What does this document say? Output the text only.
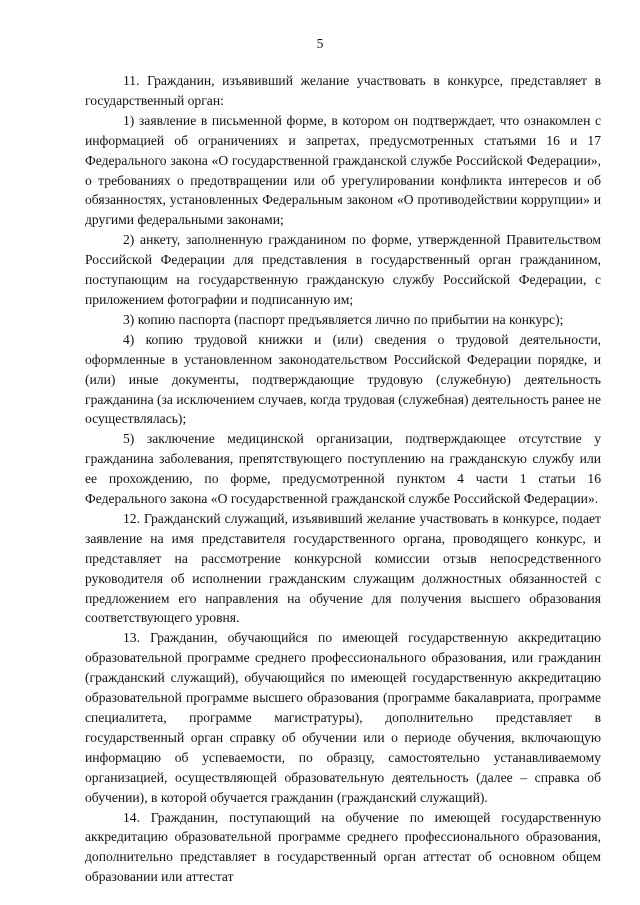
5

11. Гражданин, изъявивший желание участвовать в конкурсе, представляет в государственный орган:

1) заявление в письменной форме, в котором он подтверждает, что ознакомлен с информацией об ограничениях и запретах, предусмотренных статьями 16 и 17 Федерального закона «О государственной гражданской службе Российской Федерации», о требованиях о предотвращении или об урегулировании конфликта интересов и об обязанностях, установленных Федеральным законом «О противодействии коррупции» и другими федеральными законами;

2) анкету, заполненную гражданином по форме, утвержденной Правительством Российской Федерации для представления в государственный орган гражданином, поступающим на государственную гражданскую службу Российской Федерации, с приложением фотографии и подписанную им;

3) копию паспорта (паспорт предъявляется лично по прибытии на конкурс);

4) копию трудовой книжки и (или) сведения о трудовой деятельности, оформленные в установленном законодательством Российской Федерации порядке, и (или) иные документы, подтверждающие трудовую (служебную) деятельность гражданина (за исключением случаев, когда трудовая (служебная) деятельность ранее не осуществлялась);

5) заключение медицинской организации, подтверждающее отсутствие у гражданина заболевания, препятствующего поступлению на гражданскую службу или ее прохождению, по форме, предусмотренной пунктом 4 части 1 статьи 16 Федерального закона «О государственной гражданской службе Российской Федерации».

12. Гражданский служащий, изъявивший желание участвовать в конкурсе, подает заявление на имя представителя государственного органа, проводящего конкурс, и представляет на рассмотрение конкурсной комиссии отзыв непосредственного руководителя об исполнении гражданским служащим должностных обязанностей с предложением его направления на обучение для получения высшего образования соответствующего уровня.

13. Гражданин, обучающийся по имеющей государственную аккредитацию образовательной программе среднего профессионального образования, или гражданин (гражданский служащий), обучающийся по имеющей государственную аккредитацию образовательной программе высшего образования (программе бакалавриата, программе специалитета, программе магистратуры), дополнительно представляет в государственный орган справку об обучении или о периоде обучения, включающую информацию об успеваемости, по образцу, самостоятельно устанавливаемому организацией, осуществляющей образовательную деятельность (далее – справка об обучении), в которой обучается гражданин (гражданский служащий).

14. Гражданин, поступающий на обучение по имеющей государственную аккредитацию образовательной программе среднего профессионального образования, дополнительно представляет в государственный орган аттестат об основном общем образовании или аттестат
